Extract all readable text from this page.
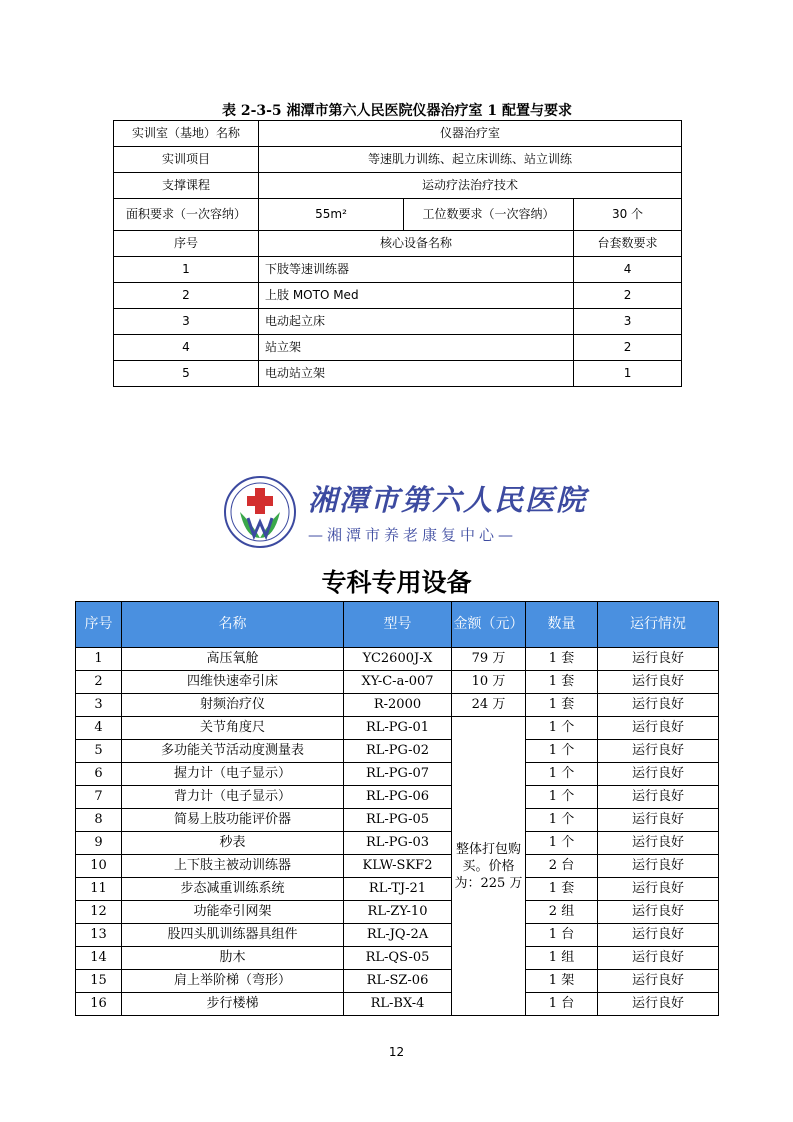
表 2-3-5 湘潭市第六人民医院仪器治疗室 1 配置与要求
实训室（基地）名称	仪器治疗室		
实训项目	等速肌力训练、起立床训练、站立训练		
支撑课程	运动疗法治疗技术		
面积要求（一次容纳）	55m²	工位数要求（一次容纳）	30 个
序号	核心设备名称		台套数要求
1	下肢等速训练器		4
2	上肢 MOTO Med		2
3	电动起立床		3
4	站立架		2
5	电动站立架		1
湘潭市第六人民医院
—湘潭市养老康复中心—
专科专用设备
序号	名称	型号	金额（元）	数量	运行情况
1	高压氧舱	YC2600J-X	79 万	1 套	运行良好
2	四维快速牵引床	XY-C-a-007	10 万	1 套	运行良好
3	射频治疗仪	R-2000	24 万	1 套	运行良好
4	关节角度尺	RL-PG-01	整体打包购买。价格为：225 万	1 个	运行良好
5	多功能关节活动度测量表	RL-PG-02		1 个	运行良好
6	握力计（电子显示）	RL-PG-07		1 个	运行良好
7	背力计（电子显示）	RL-PG-06		1 个	运行良好
8	简易上肢功能评价器	RL-PG-05		1 个	运行良好
9	秒表	RL-PG-03		1 个	运行良好
10	上下肢主被动训练器	KLW-SKF2		2 台	运行良好
11	步态减重训练系统	RL-TJ-21		1 套	运行良好
12	功能牵引网架	RL-ZY-10		2 组	运行良好
13	股四头肌训练器具组件	RL-JQ-2A		1 台	运行良好
14	肋木	RL-QS-05		1 组	运行良好
15	肩上举阶梯（弯形）	RL-SZ-06		1 架	运行良好
16	步行楼梯	RL-BX-4		1 台	运行良好
12
